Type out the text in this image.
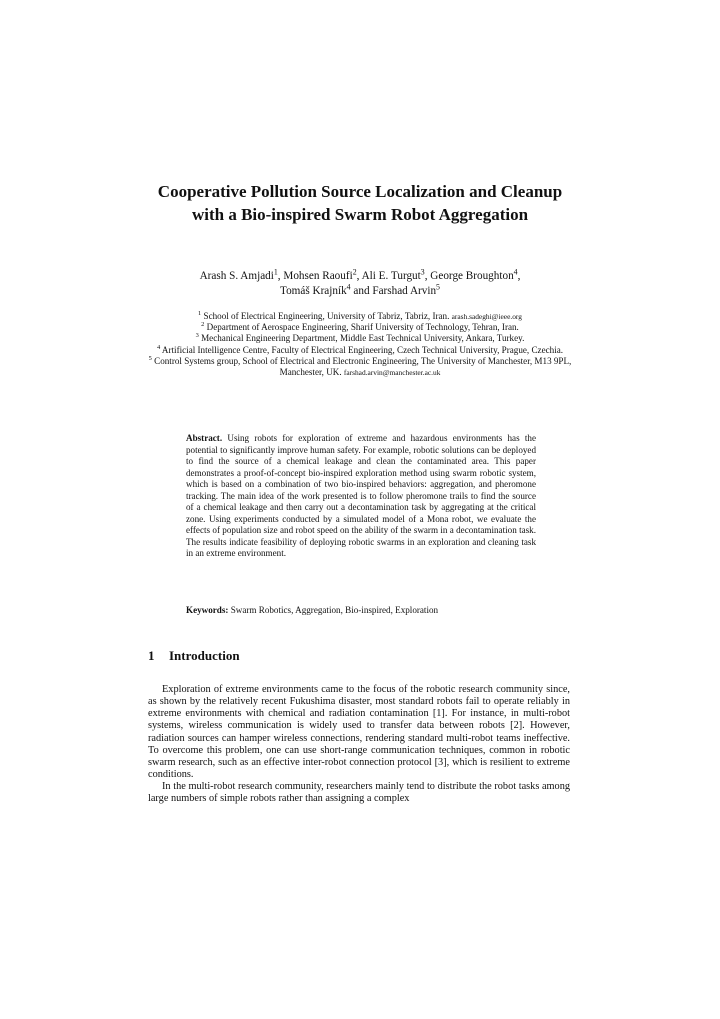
Cooperative Pollution Source Localization and Cleanup
with a Bio-inspired Swarm Robot Aggregation
Arash S. Amjadi$^1$, Mohsen Raoufi$^2$, Ali E. Turgut$^3$, George Broughton$^4$,
Tomáš Krajník$^4$ and Farshad Arvin$^5$
$^1$ School of Electrical Engineering, University of Tabriz, Tabriz, Iran. arash.sadeghi@ieee.org
$^2$ Department of Aerospace Engineering, Sharif University of Technology, Tehran, Iran.
$^3$ Mechanical Engineering Department, Middle East Technical University, Ankara, Turkey.
$^4$ Artificial Intelligence Centre, Faculty of Electrical Engineering, Czech Technical University, Prague, Czechia.
$^5$ Control Systems group, School of Electrical and Electronic Engineering, The University of Manchester, M13 9PL, Manchester, UK. farshad.arvin@manchester.ac.uk

Abstract. Using robots for exploration of extreme and hazardous environments has the potential to significantly improve human safety. For example, robotic solutions can be deployed to find the source of a chemical leakage and clean the contaminated area. This paper demonstrates a proof-of-concept bio-inspired exploration method using swarm robotic system, which is based on a combination of two bio-inspired behaviors: aggregation, and pheromone tracking. The main idea of the work presented is to follow pheromone trails to find the source of a chemical leakage and then carry out a decontamination task by aggregating at the critical zone. Using experiments conducted by a simulated model of a Mona robot, we evaluate the effects of population size and robot speed on the ability of the swarm in a decontamination task. The results indicate feasibility of deploying robotic swarms in an exploration and cleaning task in an extreme environment.

Keywords: Swarm Robotics, Aggregation, Bio-inspired, Exploration

1 Introduction

Exploration of extreme environments came to the focus of the robotic research community since, as shown by the relatively recent Fukushima disaster, most standard robots fail to operate reliably in extreme environments with chemical and radiation contamination [1]. For instance, in multi-robot systems, wireless communication is widely used to transfer data between robots [2]. However, radiation sources can hamper wireless connections, rendering standard multi-robot teams ineffective. To overcome this problem, one can use short-range communication techniques, common in robotic swarm research, such as an effective inter-robot connection protocol [3], which is resilient to extreme conditions.

In the multi-robot research community, researchers mainly tend to distribute the robot tasks among large numbers of simple robots rather than assigning a complex
